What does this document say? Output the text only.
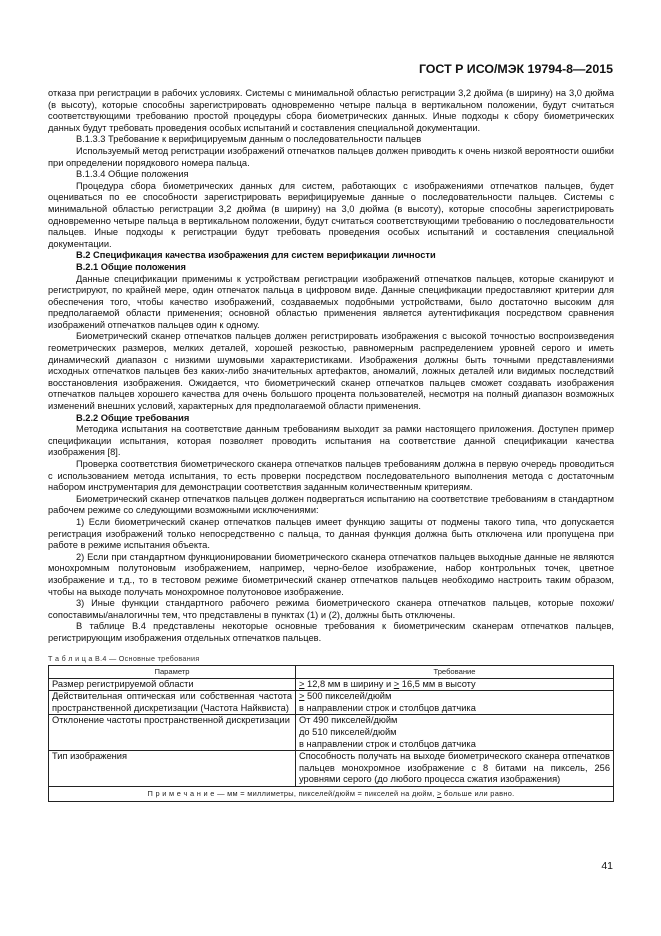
ГОСТ Р ИСО/МЭК 19794-8—2015

отказа при регистрации в рабочих условиях. Системы с минимальной областью регистрации 3,2 дюйма (в ширину) на 3,0 дюйма (в высоту), которые способны зарегистрировать одновременно четыре пальца в вертикальном положении, будут считаться соответствующими требованию простой процедуры сбора биометрических данных. Иные подходы к сбору биометрических данных будут требовать проведения особых испытаний и составления специальной документации.

В.1.3.3 Требование к верифицируемым данным о последовательности пальцев

Используемый метод регистрации изображений отпечатков пальцев должен приводить к очень низкой вероятности ошибки при определении порядкового номера пальца.

В.1.3.4 Общие положения

Процедура сбора биометрических данных для систем, работающих с изображениями отпечатков пальцев, будет оцениваться по ее способности зарегистрировать верифицируемые данные о последовательности пальцев. Системы с минимальной областью регистрации 3,2 дюйма (в ширину) на 3,0 дюйма (в высоту), которые способны зарегистрировать одновременно четыре пальца в вертикальном положении, будут считаться соответствующими требованию о последовательности пальцев. Иные подходы к регистрации будут требовать проведения особых испытаний и составления специальной документации.

В.2 Спецификация качества изображения для систем верификации личности

В.2.1 Общие положения

Данные спецификации применимы к устройствам регистрации изображений отпечатков пальцев, которые сканируют и регистрируют, по крайней мере, один отпечаток пальца в цифровом виде. Данные спецификации предоставляют критерии для обеспечения того, чтобы качество изображений, создаваемых подобными устройствами, было достаточно высоким для предполагаемой области применения; основной областью применения является аутентификация посредством сравнения изображений отпечатков пальцев один к одному.

Биометрический сканер отпечатков пальцев должен регистрировать изображения с высокой точностью воспроизведения геометрических размеров, мелких деталей, хорошей резкостью, равномерным распределением уровней серого и иметь динамический диапазон с низкими шумовыми характеристиками. Изображения должны быть точными представлениями исходных отпечатков пальцев без каких-либо значительных артефактов, аномалий, ложных деталей или видимых последствий восстановления изображения. Ожидается, что биометрический сканер отпечатков пальцев сможет создавать изображения отпечатков пальцев хорошего качества для очень большого процента пользователей, несмотря на полный диапазон возможных изменений внешних условий, характерных для предполагаемой области применения.

В.2.2 Общие требования

Методика испытания на соответствие данным требованиям выходит за рамки настоящего приложения. Доступен пример спецификации испытания, которая позволяет проводить испытания на соответствие данной спецификации качества изображения [8].

Проверка соответствия биометрического сканера отпечатков пальцев требованиям должна в первую очередь проводиться с использованием метода испытания, то есть проверки посредством последовательного выполнения метода с достаточным набором инструментария для демонстрации соответствия заданным количественным критериям.

Биометрический сканер отпечатков пальцев должен подвергаться испытанию на соответствие требованиям в стандартном рабочем режиме со следующими возможными исключениями:

1) Если биометрический сканер отпечатков пальцев имеет функцию защиты от подмены такого типа, что допускается регистрация изображений только непосредственно с пальца, то данная функция должна быть отключена или пропущена при работе в режиме испытания объекта.

2) Если при стандартном функционировании биометрического сканера отпечатков пальцев выходные данные не являются монохромным полутоновым изображением, например, черно-белое изображение, набор контрольных точек, цветное изображение и т.д., то в тестовом режиме биометрический сканер отпечатков пальцев необходимо настроить таким образом, чтобы на выходе получать монохромное полутоновое изображение.

3) Иные функции стандартного рабочего режима биометрического сканера отпечатков пальцев, которые похожи/сопоставимы/аналогичны тем, что представлены в пунктах (1) и (2), должны быть отключены.

В таблице В.4 представлены некоторые основные требования к биометрическим сканерам отпечатков пальцев, регистрирующим изображения отдельных отпечатков пальцев.

Т а б л и ц а В.4 — Основные требования
Параметр	Требование
Размер регистрируемой области	≥ 12,8 мм в ширину и ≥ 16,5 мм в высоту
Действительная оптическая или собственная частота пространственной дискретизации (Частота Найквиста)	≥ 500 пикселей/дюйм
в направлении строк и столбцов датчика

Отклонение частоты пространственной дискретизации	От 490 пикселей/дюйм
до 510 пикселей/дюйм
в направлении строк и столбцов датчика

Тип изображения	Способность получать на выходе биометрического сканера отпечатков пальцев монохромное изображение с 8 битами на пиксель, 256 уровнями серого (до любого процесса сжатия изображения)
П р и м е ч а н и е — мм = миллиметры, пикселей/дюйм = пикселей на дюйм, > больше или равно.	
41
